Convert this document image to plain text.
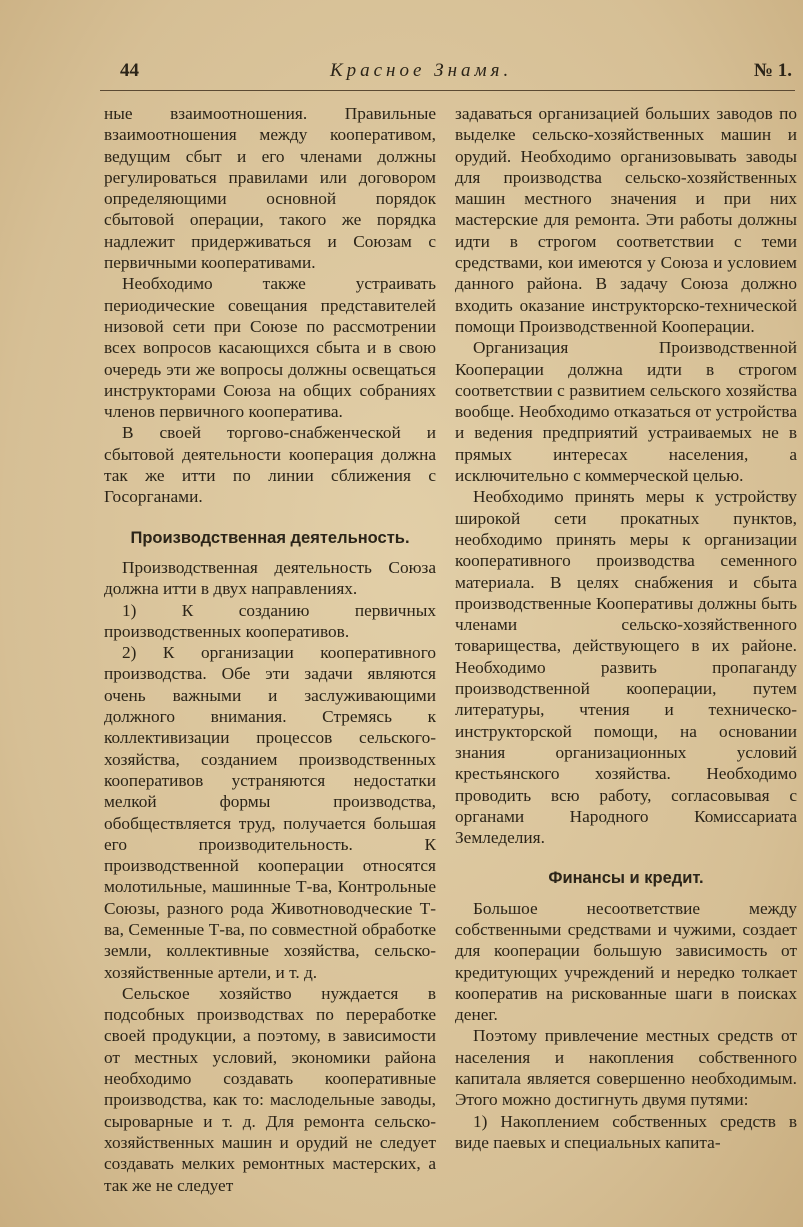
44	Красное Знамя.	№ 1.

ные взаимоотношения. Правильные взаимоотношения между кооперативом, ведущим сбыт и его членами должны регулироваться правилами или договором определяющими основной порядок сбытовой операции, такого же порядка надлежит придерживаться и Союзам с первичными кооперативами.

Необходимо также устраивать периодические совещания представителей низовой сети при Союзе по рассмотрении всех вопросов касающихся сбыта и в свою очередь эти же вопросы должны освещаться инструкторами Союза на общих собраниях членов первичного кооператива.

В своей торгово-снабженческой и сбытовой деятельности кооперация должна так же итти по линии сближения с Госорганами.

Производственная деятельность.

Производственная деятельность Союза должна итти в двух направлениях.

1) К созданию первичных производственных кооперативов.

2) К организации кооперативного производства. Обе эти задачи являются очень важными и заслуживающими должного внимания. Стремясь к коллективизации процессов сельского-хозяйства, созданием производственных кооперативов устраняются недостатки мелкой формы производства, обобществляется труд, получается большая его производительность. К производственной кооперации относятся молотильные, машинные Т-ва, Контрольные Союзы, разного рода Животноводческие Т-ва, Семенные Т-ва, по совместной обработке земли, коллективные хозяйства, сельско-хозяйственные артели, и т. д.

Сельское хозяйство нуждается в подсобных производствах по переработке своей продукции, а поэтому, в зависимости от местных условий, экономики района необходимо создавать кооперативные производства, как то: маслодельные заводы, сыроварные и т. д. Для ремонта сельско-хозяйственных машин и орудий не следует создавать мелких ремонтных мастерских, а так же не следует

задаваться организацией больших заводов по выделке сельско-хозяйственных машин и орудий. Необходимо организовывать заводы для производства сельско-хозяйственных машин местного значения и при них мастерские для ремонта. Эти работы должны идти в строгом соответствии с теми средствами, кои имеются у Союза и условием данного района. В задачу Союза должно входить оказание инструкторско-технической помощи Производственной Кооперации.

Организация Производственной Кооперации должна идти в строгом соответствии с развитием сельского хозяйства вообще. Необходимо отказаться от устройства и ведения предприятий устраиваемых не в прямых интересах населения, а исключительно с коммерческой целью.

Необходимо принять меры к устройству широкой сети прокатных пунктов, необходимо принять меры к организации кооперативного производства семенного материала. В целях снабжения и сбыта производственные Кооперативы должны быть членами сельско-хозяйственного товарищества, действующего в их районе. Необходимо развить пропаганду производственной кооперации, путем литературы, чтения и техническо-инструкторской помощи, на основании знания организационных условий крестьянского хозяйства. Необходимо проводить всю работу, согласовывая с органами Народного Комиссариата Земледелия.

Финансы и кредит.

Большое несоответствие между собственными средствами и чужими, создает для кооперации большую зависимость от кредитующих учреждений и нередко толкает кооператив на рискованные шаги в поисках денег.

Поэтому привлечение местных средств от населения и накопления собственного капитала является совершенно необходимым. Этого можно достигнуть двумя путями:

1) Накоплением собственных средств в виде паевых и специальных капита-
